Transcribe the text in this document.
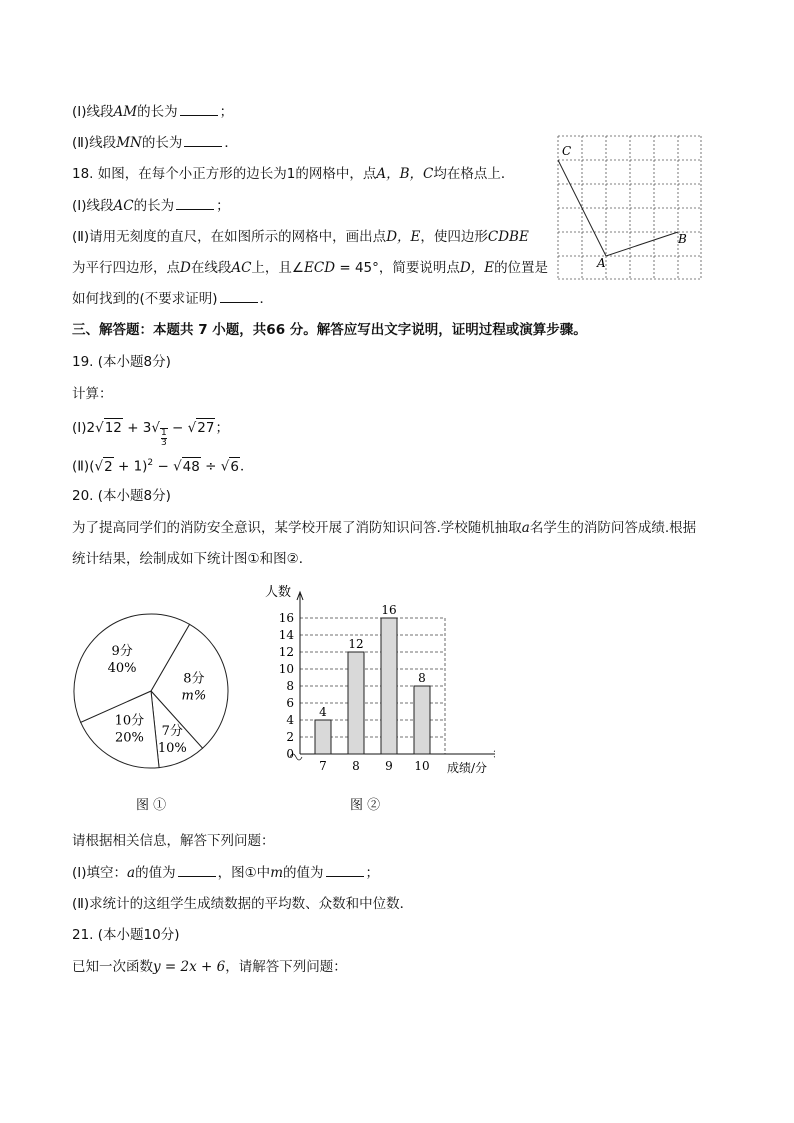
(Ⅰ)线段AM的长为	；
(Ⅱ)线段MN的长为	．
18. 如图，在每个小正方形的边长为1的网格中，点A，B，C均在格点上．
(Ⅰ)线段AC的长为	；
(Ⅱ)请用无刻度的直尺，在如图所示的网格中，画出点D，E，使四边形CDBE
为平行四边形，点D在线段AC上，且∠ECD = 45°，简要说明点D，E的位置是
如何找到的(不要求证明)	．
C
A
B
三、解答题：本题共 7 小题，共66 分。解答应写出文字说明，证明过程或演算步骤。
19. (本小题8分)
计算：
(Ⅰ)2√12 + $3√ \frac{1}{3} - √27$；
(Ⅱ)(√2 + 1)$^2$ − √48 ÷ √6．
20. (本小题8分)
为了提高同学们的消防安全意识，某学校开展了消防知识问答.学校随机抽取a名学生的消防问答成绩.根据
统计结果，绘制成如下统计图①和图②．
8分
m%
7分
10%
10分
20%
9分
40%
图 ①
0
2
4
6
8
10
12
14
16
4
7
12
8
16
9
8
10
人数
成绩/分
图 ②
请根据相关信息，解答下列问题：
(Ⅰ)填空：a的值为	，图①中m的值为	；
(Ⅱ)求统计的这组学生成绩数据的平均数、众数和中位数．
21. (本小题10分)
已知一次函数y = 2x + 6，请解答下列问题：
